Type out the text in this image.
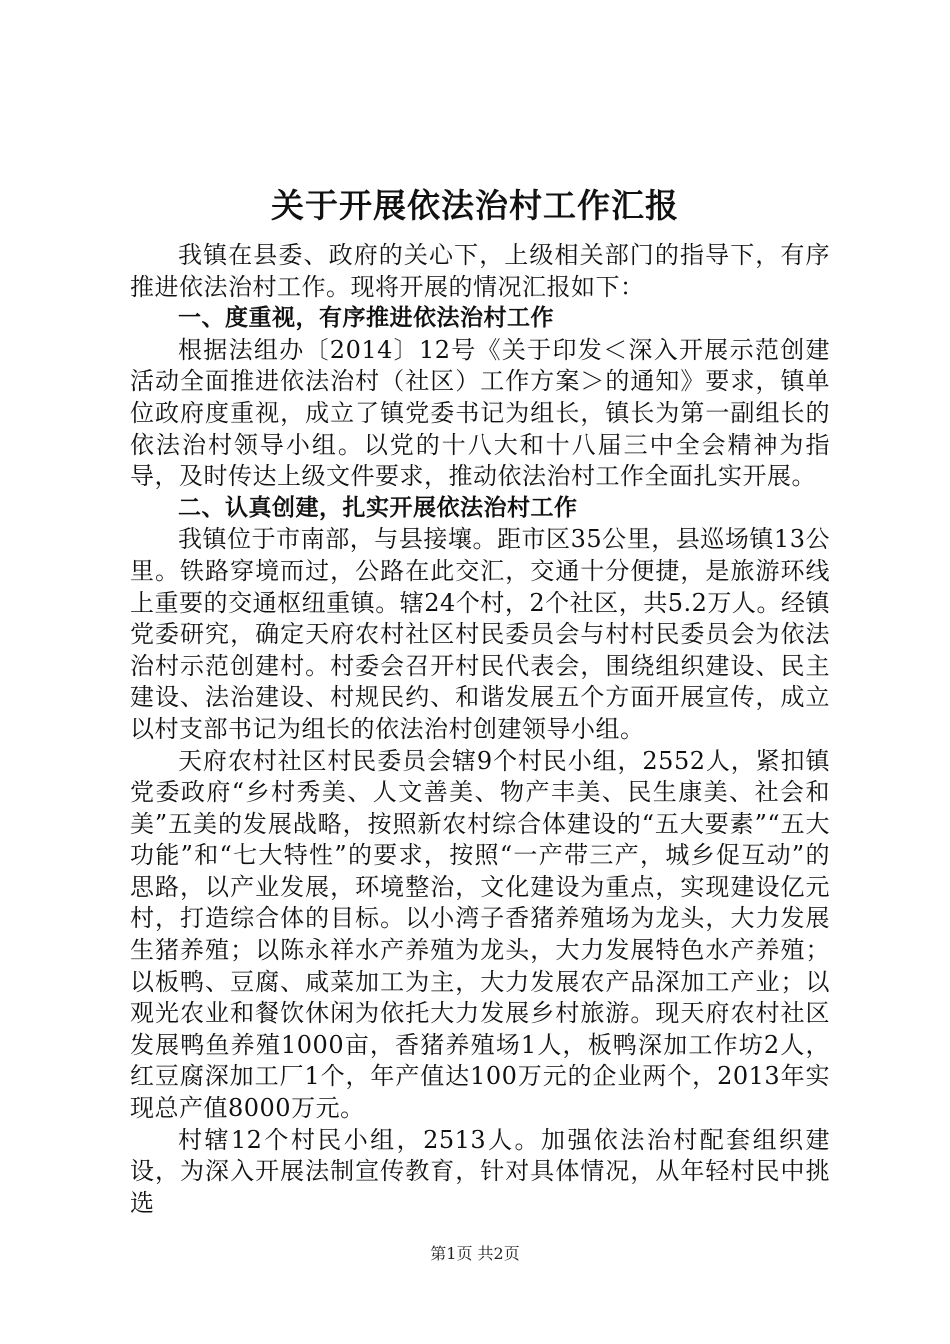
关于开展依法治村工作汇报

我镇在县委、政府的关心下，上级相关部门的指导下，有序推进依法治村工作。现将开展的情况汇报如下：

一、度重视，有序推进依法治村工作

根据法组办〔2014〕12号《关于印发＜深入开展示范创建活动全面推进依法治村（社区）工作方案＞的通知》要求，镇单位政府度重视，成立了镇党委书记为组长，镇长为第一副组长的依法治村领导小组。以党的十八大和十八届三中全会精神为指导，及时传达上级文件要求，推动依法治村工作全面扎实开展。

二、认真创建，扎实开展依法治村工作

我镇位于市南部，与县接壤。距市区35公里，县巡场镇13公里。铁路穿境而过，公路在此交汇，交通十分便捷，是旅游环线上重要的交通枢纽重镇。辖24个村，2个社区，共5.2万人。经镇党委研究，确定天府农村社区村民委员会与村村民委员会为依法治村示范创建村。村委会召开村民代表会，围绕组织建设、民主建设、法治建设、村规民约、和谐发展五个方面开展宣传，成立以村支部书记为组长的依法治村创建领导小组。

天府农村社区村民委员会辖9个村民小组，2552人，紧扣镇党委政府“乡村秀美、人文善美、物产丰美、民生康美、社会和美”五美的发展战略，按照新农村综合体建设的“五大要素”“五大功能”和“七大特性”的要求，按照“一产带三产，城乡促互动”的思路，以产业发展，环境整治，文化建设为重点，实现建设亿元村，打造综合体的目标。以小湾子香猪养殖场为龙头，大力发展生猪养殖；以陈永祥水产养殖为龙头，大力发展特色水产养殖；以板鸭、豆腐、咸菜加工为主，大力发展农产品深加工产业；以观光农业和餐饮休闲为依托大力发展乡村旅游。现天府农村社区发展鸭鱼养殖1000亩，香猪养殖场1人，板鸭深加工作坊2人，红豆腐深加工厂1个，年产值达100万元的企业两个，2013年实现总产值8000万元。

村辖12个村民小组，2513人。加强依法治村配套组织建设，为深入开展法制宣传教育，针对具体情况，从年轻村民中挑选

第1页 共2页
